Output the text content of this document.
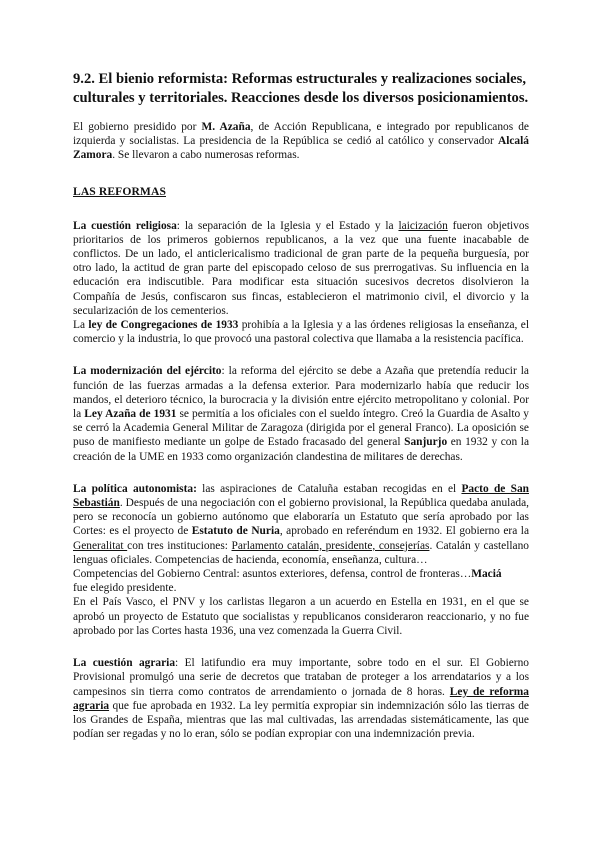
9.2. El bienio reformista: Reformas estructurales y realizaciones sociales, culturales y territoriales. Reacciones desde los diversos posicionamientos.

El gobierno presidido por M. Azaña, de Acción Republicana, e integrado por republicanos de izquierda y socialistas. La presidencia de la República se cedió al católico y conservador Alcalá Zamora. Se llevaron a cabo numerosas reformas.

LAS REFORMAS

La cuestión religiosa: la separación de la Iglesia y el Estado y la laicización fueron objetivos prioritarios de los primeros gobiernos republicanos, a la vez que una fuente inacabable de conflictos. De un lado, el anticlericalismo tradicional de gran parte de la pequeña burguesía, por otro lado, la actitud de gran parte del episcopado celoso de sus prerrogativas. Su influencia en la educación era indiscutible. Para modificar esta situación sucesivos decretos disolvieron la Compañía de Jesús, confiscaron sus fincas, establecieron el matrimonio civil, el divorcio y la secularización de los cementerios.

La ley de Congregaciones de 1933 prohibía a la Iglesia y a las órdenes religiosas la enseñanza, el comercio y la industria, lo que provocó una pastoral colectiva que llamaba a la resistencia pacífica.

La modernización del ejército: la reforma del ejército se debe a Azaña que pretendía reducir la función de las fuerzas armadas a la defensa exterior. Para modernizarlo había que reducir los mandos, el deterioro técnico, la burocracia y la división entre ejército metropolitano y colonial. Por la Ley Azaña de 1931 se permitía a los oficiales con el sueldo íntegro. Creó la Guardia de Asalto y se cerró la Academia General Militar de Zaragoza (dirigida por el general Franco). La oposición se puso de manifiesto mediante un golpe de Estado fracasado del general Sanjurjo en 1932 y con la creación de la UME en 1933 como organización clandestina de militares de derechas.

La política autonomista: las aspiraciones de Cataluña estaban recogidas en el Pacto de San Sebastián. Después de una negociación con el gobierno provisional, la República quedaba anulada, pero se reconocía un gobierno autónomo que elaboraría un Estatuto que sería aprobado por las Cortes: es el proyecto de Estatuto de Nuria, aprobado en referéndum en 1932. El gobierno era la Generalitat con tres instituciones: Parlamento catalán, presidente, consejerías. Catalán y castellano lenguas oficiales. Competencias de hacienda, economía, enseñanza, cultura…

Competencias del Gobierno Central: asuntos exteriores, defensa, control de fronteras…Maciá
fue elegido presidente.

En el País Vasco, el PNV y los carlistas llegaron a un acuerdo en Estella en 1931, en el que se aprobó un proyecto de Estatuto que socialistas y republicanos consideraron reaccionario, y no fue aprobado por las Cortes hasta 1936, una vez comenzada la Guerra Civil.

La cuestión agraria: El latifundio era muy importante, sobre todo en el sur. El Gobierno Provisional promulgó una serie de decretos que trataban de proteger a los arrendatarios y a los campesinos sin tierra como contratos de arrendamiento o jornada de 8 horas. Ley de reforma agraria que fue aprobada en 1932. La ley permitía expropiar sin indemnización sólo las tierras de los Grandes de España, mientras que las mal cultivadas, las arrendadas sistemáticamente, las que podían ser regadas y no lo eran, sólo se podían expropiar con una indemnización previa.
